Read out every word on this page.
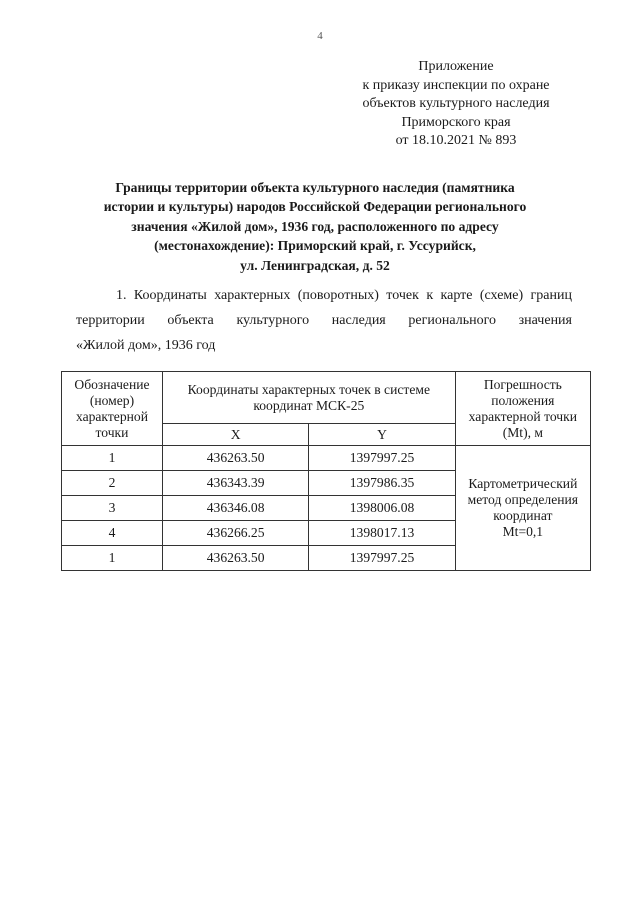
4
Приложение
к приказу инспекции по охране
объектов культурного наследия
Приморского края
от 18.10.2021 № 893
Границы территории объекта культурного наследия (памятника
истории и культуры) народов Российской Федерации регионального
значения «Жилой дом», 1936 год, расположенного по адресу
(местонахождение): Приморский край, г. Уссурийск,
ул. Ленинградская, д. 52
1. Координаты характерных (поворотных) точек к карте (схеме) границ
территории объекта культурного наследия регионального значения
«Жилой дом», 1936 год
Обозначение (номер) характерной точки	Координаты характерных точек в системе координат МСК-25		Погрешность положения характерной точки (Mt), м
	X	Y	
1	436263.50	1397997.25	Картометрический метод определения координат
Mt=0,1

2	436343.39	1397986.35	
3	436346.08	1398006.08	
4	436266.25	1398017.13	
1	436263.50	1397997.25	
